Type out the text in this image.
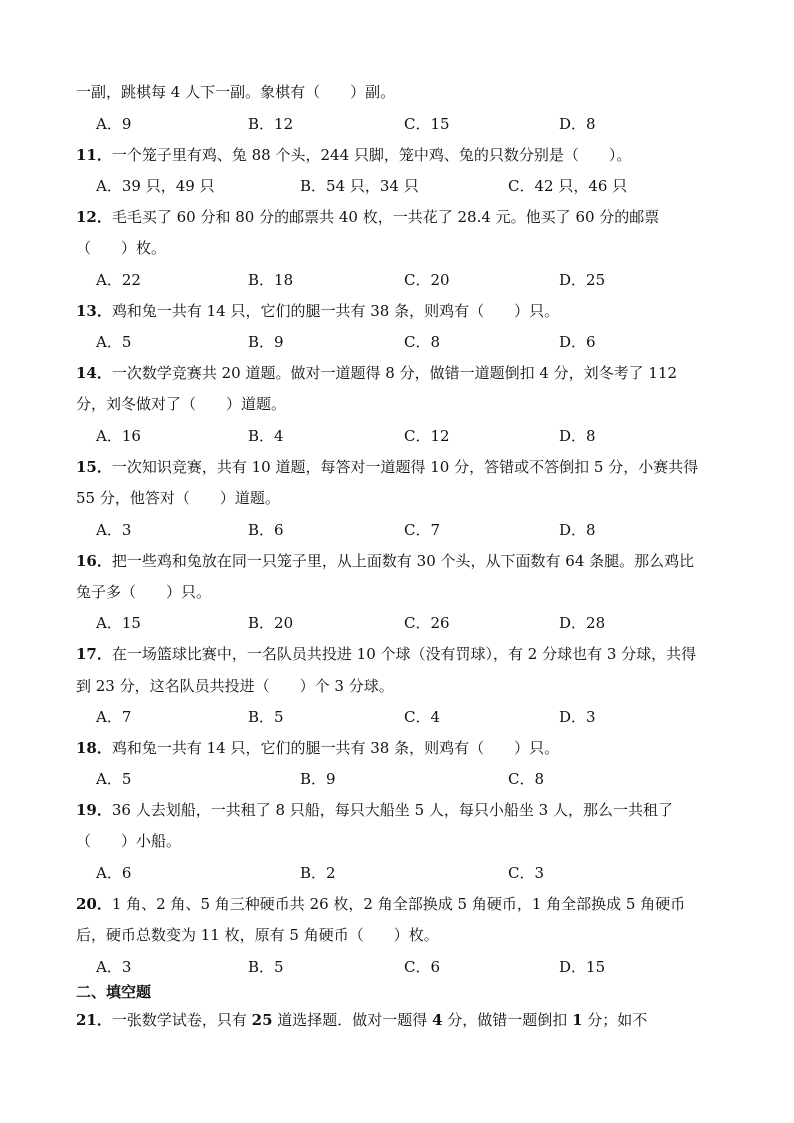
一副，跳棋每 4 人下一副。象棋有（　　）副。
A．9	B．12	C．15	D．8
11．一个笼子里有鸡、兔 88 个头，244 只脚，笼中鸡、兔的只数分别是（　　）。
A．39 只，49 只	B．54 只，34 只	C．42 只，46 只
12．毛毛买了 60 分和 80 分的邮票共 40 枚，一共花了 28.4 元。他买了 60 分的邮票
（　　）枚。
A．22	B．18	C．20	D．25
13．鸡和兔一共有 14 只，它们的腿一共有 38 条，则鸡有（　　）只。
A．5	B．9	C．8	D．6
14．一次数学竞赛共 20 道题。做对一道题得 8 分，做错一道题倒扣 4 分，刘冬考了 112
分，刘冬做对了（　　）道题。
A．16	B．4	C．12	D．8
15．一次知识竞赛，共有 10 道题，每答对一道题得 10 分，答错或不答倒扣 5 分，小赛共得
55 分，他答对（　　）道题。
A．3	B．6	C．7	D．8
16．把一些鸡和兔放在同一只笼子里，从上面数有 30 个头，从下面数有 64 条腿。那么鸡比
兔子多（　　）只。
A．15	B．20	C．26	D．28
17．在一场篮球比赛中，一名队员共投进 10 个球（没有罚球），有 2 分球也有 3 分球，共得
到 23 分，这名队员共投进（　　）个 3 分球。
A．7	B．5	C．4	D．3
18．鸡和兔一共有 14 只，它们的腿一共有 38 条，则鸡有（　　）只。
A．5	B．9	C．8
19．36 人去划船，一共租了 8 只船，每只大船坐 5 人，每只小船坐 3 人，那么一共租了
（　　）小船。
A．6	B．2	C．3
20．1 角、2 角、5 角三种硬币共 26 枚，2 角全部换成 5 角硬币，1 角全部换成 5 角硬币
后，硬币总数变为 11 枚，原有 5 角硬币（　　）枚。
A．3	B．5	C．6	D．15
二、填空题
21．一张数学试卷，只有 25 道选择题．做对一题得 4 分，做错一题倒扣 1 分；如不
